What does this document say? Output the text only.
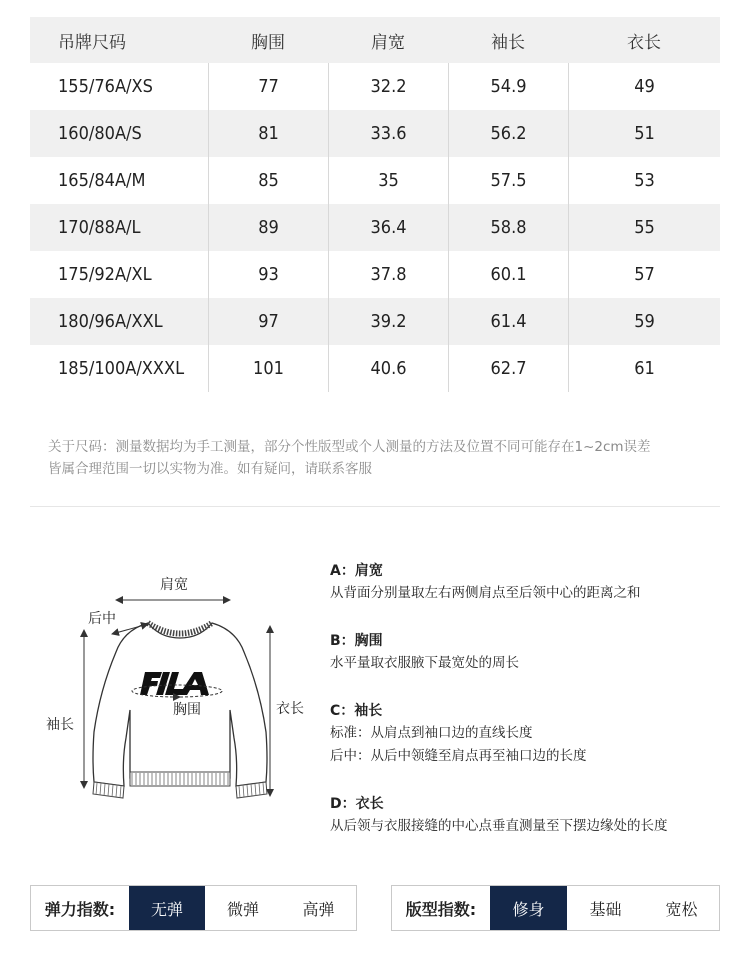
吊牌尺码	胸围	肩宽	袖长	衣长
155/76A/XS	77	32.2	54.9	49
160/80A/S	81	33.6	56.2	51
165/84A/M	85	35	57.5	53
170/88A/L	89	36.4	58.8	55
175/92A/XL	93	37.8	60.1	57
180/96A/XXL	97	39.2	61.4	59
185/100A/XXXL	101	40.6	62.7	61
关于尺码：测量数据均为手工测量，部分个性版型或个人测量的方法及位置不同可能存在1~2cm误差
皆属合理范围一切以实物为准。如有疑问，请联系客服
肩宽
后中
胸围
袖长
衣长
A：肩宽
从背面分别量取左右两侧肩点至后领中心的距离之和
B：胸围
水平量取衣服腋下最宽处的周长
C：袖长
标准：从肩点到袖口边的直线长度
后中：从后中领缝至肩点再至袖口边的长度
D：衣长
从后领与衣服接缝的中心点垂直测量至下摆边缘处的长度
弹力指数:	无弹	微弹	高弹	版型指数:	修身	基础	宽松
